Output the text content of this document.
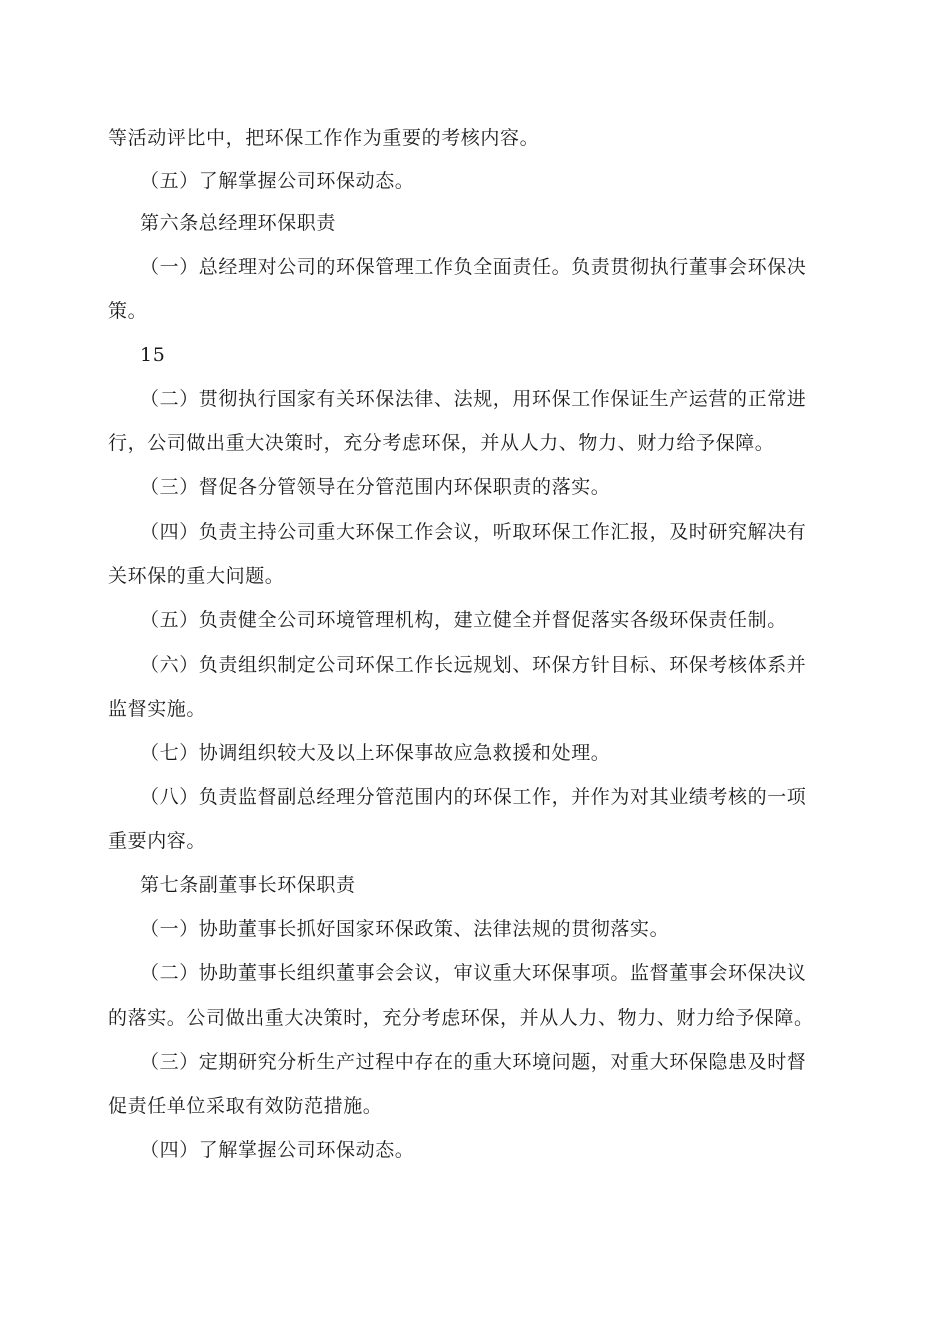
等活动评比中，把环保工作作为重要的考核内容。
（五）了解掌握公司环保动态。
第六条总经理环保职责
（一）总经理对公司的环保管理工作负全面责任。负责贯彻执行董事会环保决
策。
15
（二）贯彻执行国家有关环保法律、法规，用环保工作保证生产运营的正常进
行，公司做出重大决策时，充分考虑环保，并从人力、物力、财力给予保障。
（三）督促各分管领导在分管范围内环保职责的落实。
（四）负责主持公司重大环保工作会议，听取环保工作汇报，及时研究解决有
关环保的重大问题。
（五）负责健全公司环境管理机构，建立健全并督促落实各级环保责任制。
（六）负责组织制定公司环保工作长远规划、环保方针目标、环保考核体系并
监督实施。
（七）协调组织较大及以上环保事故应急救援和处理。
（八）负责监督副总经理分管范围内的环保工作，并作为对其业绩考核的一项
重要内容。
第七条副董事长环保职责
（一）协助董事长抓好国家环保政策、法律法规的贯彻落实。
（二）协助董事长组织董事会会议，审议重大环保事项。监督董事会环保决议
的落实。公司做出重大决策时，充分考虑环保，并从人力、物力、财力给予保障。
（三）定期研究分析生产过程中存在的重大环境问题，对重大环保隐患及时督
促责任单位采取有效防范措施。
（四）了解掌握公司环保动态。
